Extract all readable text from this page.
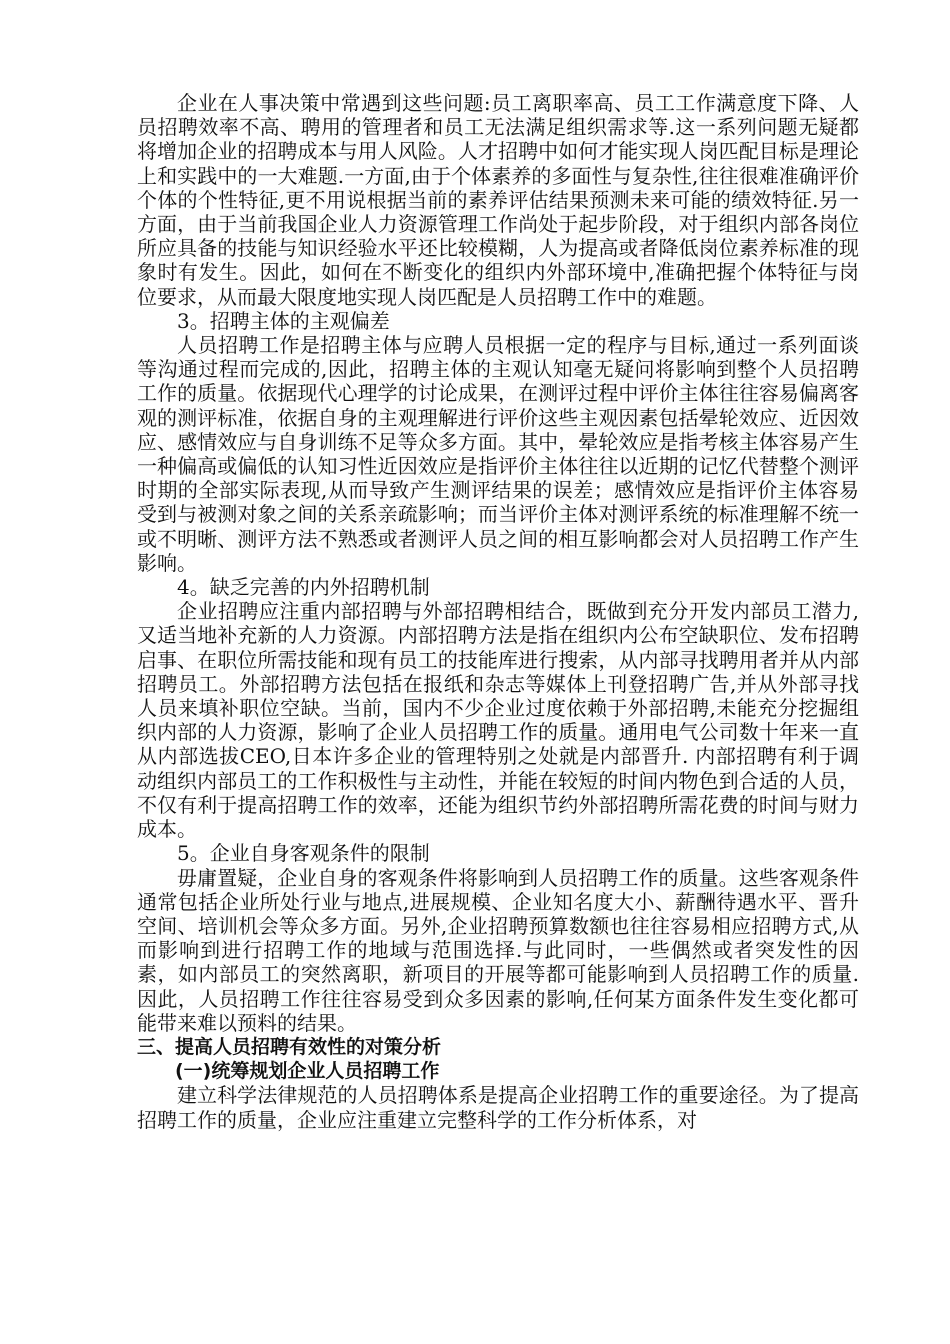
企业在人事决策中常遇到这些问题:员工离职率高、员工工作满意度下降、人员招聘效率不高、聘用的管理者和员工无法满足组织需求等.这一系列问题无疑都将增加企业的招聘成本与用人风险。人才招聘中如何才能实现人岗匹配目标是理论上和实践中的一大难题.一方面,由于个体素养的多面性与复杂性,往往很难准确评价个体的个性特征,更不用说根据当前的素养评估结果预测未来可能的绩效特征.另一方面，由于当前我国企业人力资源管理工作尚处于起步阶段，对于组织内部各岗位所应具备的技能与知识经验水平还比较模糊，人为提高或者降低岗位素养标准的现象时有发生。因此，如何在不断变化的组织内外部环境中,准确把握个体特征与岗位要求，从而最大限度地实现人岗匹配是人员招聘工作中的难题。

3。招聘主体的主观偏差

人员招聘工作是招聘主体与应聘人员根据一定的程序与目标,通过一系列面谈等沟通过程而完成的,因此，招聘主体的主观认知毫无疑问将影响到整个人员招聘工作的质量。依据现代心理学的讨论成果，在测评过程中评价主体往往容易偏离客观的测评标准，依据自身的主观理解进行评价这些主观因素包括晕轮效应、近因效应、感情效应与自身训练不足等众多方面。其中，晕轮效应是指考核主体容易产生一种偏高或偏低的认知习性近因效应是指评价主体往往以近期的记忆代替整个测评时期的全部实际表现,从而导致产生测评结果的误差；感情效应是指评价主体容易受到与被测对象之间的关系亲疏影响；而当评价主体对测评系统的标准理解不统一或不明晰、测评方法不熟悉或者测评人员之间的相互影响都会对人员招聘工作产生影响。

4。缺乏完善的内外招聘机制

企业招聘应注重内部招聘与外部招聘相结合，既做到充分开发内部员工潜力,又适当地补充新的人力资源。内部招聘方法是指在组织内公布空缺职位、发布招聘启事、在职位所需技能和现有员工的技能库进行搜索，从内部寻找聘用者并从内部招聘员工。外部招聘方法包括在报纸和杂志等媒体上刊登招聘广告,并从外部寻找人员来填补职位空缺。当前，国内不少企业过度依赖于外部招聘,未能充分挖掘组织内部的人力资源，影响了企业人员招聘工作的质量。通用电气公司数十年来一直从内部选拔CEO,日本许多企业的管理特别之处就是内部晋升. 内部招聘有利于调动组织内部员工的工作积极性与主动性，并能在较短的时间内物色到合适的人员，不仅有利于提高招聘工作的效率，还能为组织节约外部招聘所需花费的时间与财力成本。

5。企业自身客观条件的限制

毋庸置疑，企业自身的客观条件将影响到人员招聘工作的质量。这些客观条件通常包括企业所处行业与地点,进展规模、企业知名度大小、薪酬待遇水平、晋升空间、培训机会等众多方面。另外,企业招聘预算数额也往往容易相应招聘方式,从而影响到进行招聘工作的地域与范围选择.与此同时，一些偶然或者突发性的因素，如内部员工的突然离职，新项目的开展等都可能影响到人员招聘工作的质量.因此，人员招聘工作往往容易受到众多因素的影响,任何某方面条件发生变化都可能带来难以预料的结果。

三、提高人员招聘有效性的对策分析

(一)统筹规划企业人员招聘工作

建立科学法律规范的人员招聘体系是提高企业招聘工作的重要途径。为了提高招聘工作的质量，企业应注重建立完整科学的工作分析体系，对
